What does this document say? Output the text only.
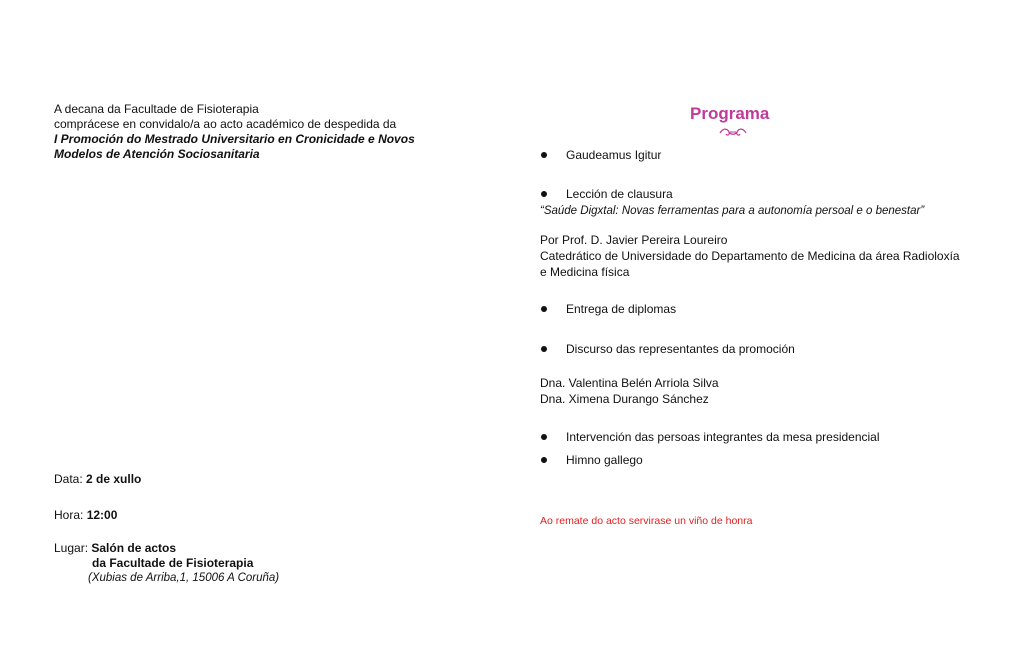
A decana da Facultade de Fisioterapia
comprácese en convidalo/a ao acto académico de despedida da
I Promoción do Mestrado Universitario en Cronicidade e Novos
Modelos de Atención Sociosanitaria
Data: 2 de xullo
Hora: 12:00
Lugar: Salón de actos
da Facultade de Fisioterapia
(Xubias de Arriba,1, 15006 A Coruña)
Programa
Gaudeamus Igitur
Lección de clausura
“Saúde Digxtal: Novas ferramentas para a autonomía persoal e o benestar”
Por Prof. D. Javier Pereira Loureiro
Catedrático de Universidade do Departamento de Medicina da área Radioloxía
e Medicina física
Entrega de diplomas
Discurso das representantes da promoción
Dna. Valentina Belén Arriola Silva
Dna. Ximena Durango Sánchez
Intervención das persoas integrantes da mesa presidencial
Himno gallego
Ao remate do acto servirase un viño de honra
